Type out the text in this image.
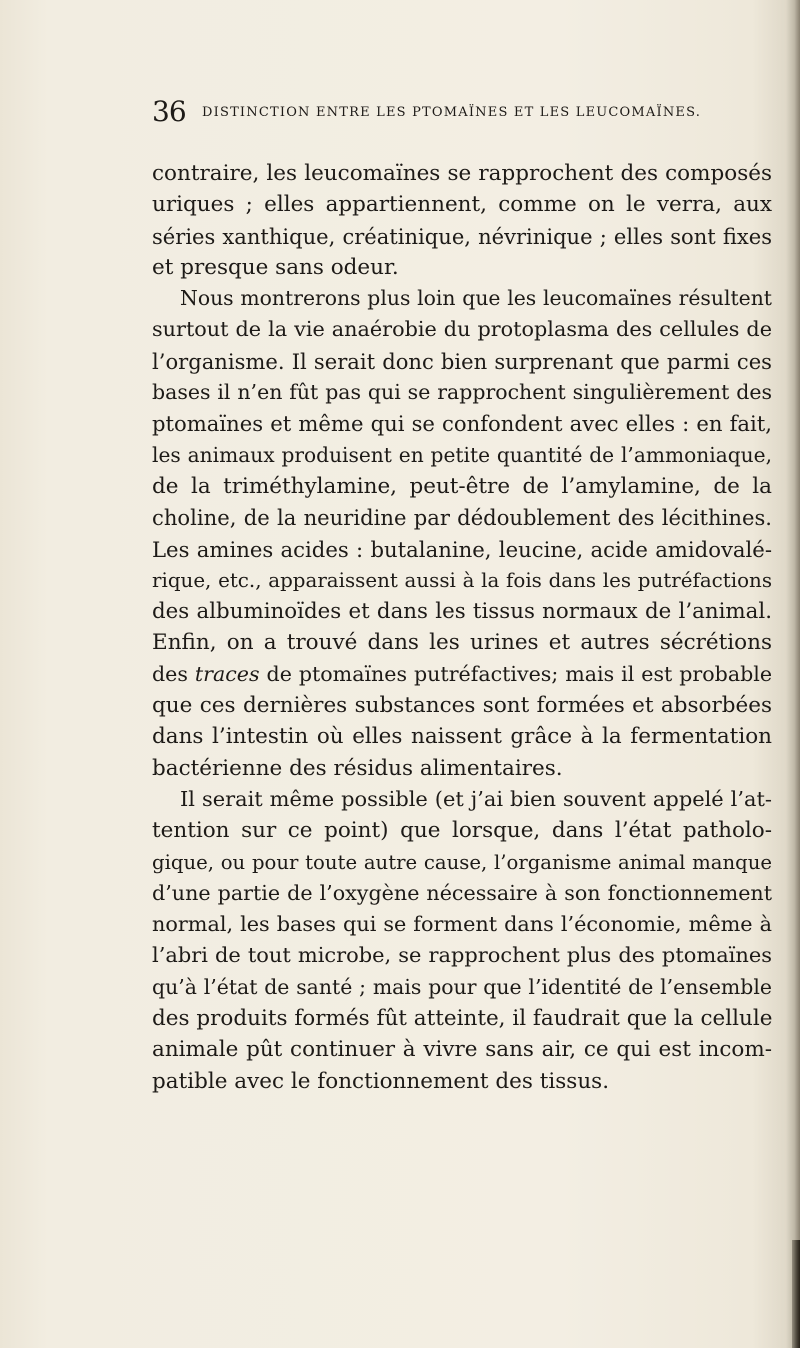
36 DISTINCTION ENTRE LES PTOMAÏNES ET LES LEUCOMAÏNES.

contraire, les leucomaïnes se rapprochent des composés
uriques ; elles appartiennent, comme on le verra, aux
séries xanthique, créatinique, névrinique ; elles sont fixes
et presque sans odeur.

Nous montrerons plus loin que les leucomaïnes résultent
surtout de la vie anaérobie du protoplasma des cellules de
l’organisme. Il serait donc bien surprenant que parmi ces
bases il n’en fût pas qui se rapprochent singulièrement des
ptomaïnes et même qui se confondent avec elles : en fait,
les animaux produisent en petite quantité de l’ammoniaque,
de la triméthylamine, peut-être de l’amylamine, de la
choline, de la neuridine par dédoublement des lécithines.
Les amines acides : butalanine, leucine, acide amidovalé-
rique, etc., apparaissent aussi à la fois dans les putréfactions
des albuminoïdes et dans les tissus normaux de l’animal.
Enfin, on a trouvé dans les urines et autres sécrétions
des traces de ptomaïnes putréfactives; mais il est probable
que ces dernières substances sont formées et absorbées
dans l’intestin où elles naissent grâce à la fermentation
bactérienne des résidus alimentaires.

Il serait même possible (et j’ai bien souvent appelé l’at-
tention sur ce point) que lorsque, dans l’état patholo-
gique, ou pour toute autre cause, l’organisme animal manque
d’une partie de l’oxygène nécessaire à son fonctionnement
normal, les bases qui se forment dans l’économie, même à
l’abri de tout microbe, se rapprochent plus des ptomaïnes
qu’à l’état de santé ; mais pour que l’identité de l’ensemble
des produits formés fût atteinte, il faudrait que la cellule
animale pût continuer à vivre sans air, ce qui est incom-
patible avec le fonctionnement des tissus.
